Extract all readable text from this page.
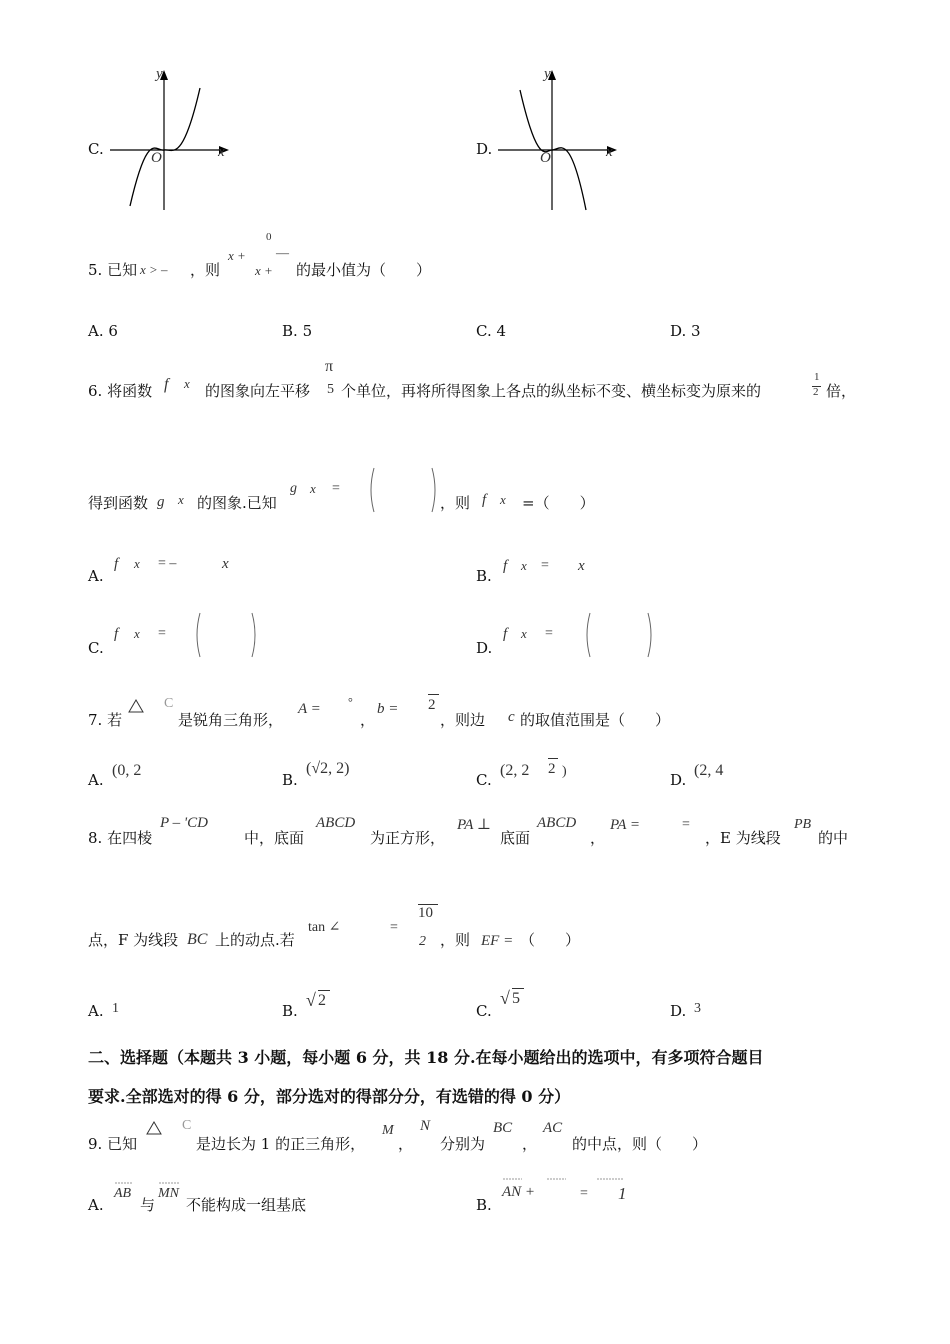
C.
y
x
O	D.
y
x
O
5. 已知 x > – ，则
x +
0
—
x + 的最小值为（　　）
A. 6	B. 5	C. 4	D. 3
6. 将函数 f x 的图象向左平移
π
5 个单位，再将所得图象上各点的纵坐标不变、横坐标变为原来的
1
2 倍，
得到函数 g x 的图象.已知
g x =
，则 f x =（　　）
A.
f x = –	x
B.
f x = x
C.
f x =
D.
f x =
7. 若
C
是锐角三角形，
A = °
，
b = 2
，则边 c 的取值范围是（　　）
A.
(0, 2
B.
(√2, 2)
C.
(2, 2 2 )	D.
(2, 4
8. 在四棱
P – 'CD
中，底面
ABCD
为正方形，
PA ⊥
底面
ABCD
，
PA =	=
，E 为线段
PB
的中
点，F 为线段 BC 上的动点.若
tan ∠	=
10
2 ，则 EF = （　　）
A. 1	B.
√ 2
C.
√ 5
D. 3
二、选择题（本题共 3 小题，每小题 6 分，共 18 分.在每小题给出的选项中，有多项符合题目
要求.全部选对的得 6 分，部分选对的得部分分，有选错的得 0 分）
9. 已知
C
是边长为 1 的正三角形，
M
，
N
分别为
BC
，
AC
的中点，则（　　）
A.
AB
与
MN
不能构成一组基底	B.
AN +	= 1
